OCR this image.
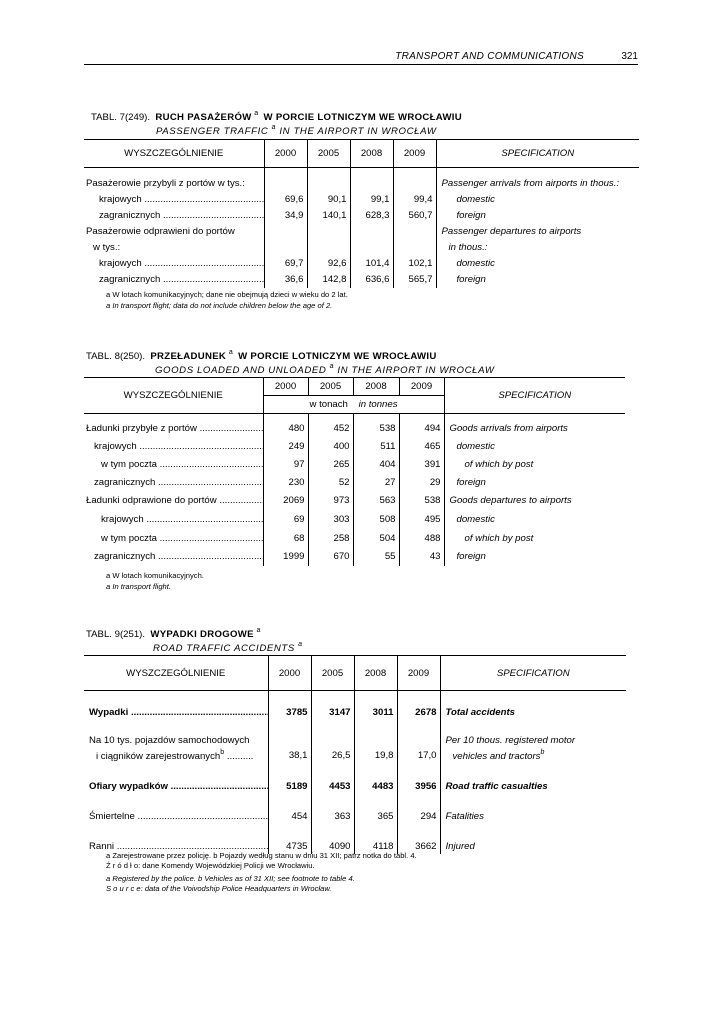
TRANSPORT AND COMMUNICATIONS	321
TABL. 7(249). RUCH PASAŻERÓW $^a$ W PORCIE LOTNICZYM WE WROCŁAWIU
PASSENGER TRAFFIC $^a$ IN THE AIRPORT IN WROCŁAW
WYSZCZEGÓLNIENIE	2000	2005	2008	2009	SPECIFICATION

Pasażerowie przybyli z portów w tys.:					Passenger arrivals from airports in thous.:
krajowych .....	69,6	90,1	99,1	99,4	domestic
zagranicznych .....	34,9	140,1	628,3	560,7	foreign
Pasażerowie odprawieni do portów					Passenger departures to airports
w tys.:					in thous.:
krajowych .....	69,7	92,6	101,4	102,1	domestic
zagranicznych .....	36,6	142,8	636,6	565,7	foreign
a W lotach komunikacyjnych; dane nie obejmują dzieci w wieku do 2 lat.
a In transport flight; data do not include children below the age of 2.
TABL. 8(250). PRZEŁADUNEK $^a$ W PORCIE LOTNICZYM WE WROCŁAWIU
GOODS LOADED AND UNLOADED $^a$ IN THE AIRPORT IN WROCŁAW
WYSZCZEGÓLNIENIE	2000	2005	2008	2009	SPECIFICATION
	w tonach in tonnes				

Ładunki przybyłe z portów .....	480	452	538	494	Goods arrivals from airports
krajowych .....	249	400	511	465	domestic
w tym poczta .....	97	265	404	391	of which by post
zagranicznych .....	230	52	27	29	foreign
Ładunki odprawione do portów .....	2069	973	563	538	Goods departures to airports
krajowych .....	69	303	508	495	domestic
w tym poczta .....	68	258	504	488	of which by post
zagranicznych .....	1999	670	55	43	foreign
a W lotach komunikacyjnych.
a In transport flight.
TABL. 9(251). WYPADKI DROGOWE $^a$
ROAD TRAFFIC ACCIDENTS $^a$
WYSZCZEGÓLNIENIE	2000	2005	2008	2009	SPECIFICATION

Wypadki .....	3785	3147	3011	2678	Total accidents

Na 10 tys. pojazdów samochodowych					Per 10 thous. registered motor
i ciągników zarejestrowanych$^b$ ..........	38,1	26,5	19,8	17,0	vehicles and tractors$^b$

Ofiary wypadków .....	5189	4453	4483	3956	Road traffic casualties

Śmiertelne .....	454	363	365	294	Fatalities

Ranni .....	4735	4090	4118	3662	Injured
a Zarejestrowane przez policję. b Pojazdy według stanu w dniu 31 XII; patrz notka do tabl. 4.
Ź r ó d ł o: dane Komendy Wojewódzkiej Policji we Wrocławiu.
a Registered by the police. b Vehicles as of 31 XII; see footnote to table 4.
S o u r c e: data of the Voivodship Police Headquarters in Wrocław.
